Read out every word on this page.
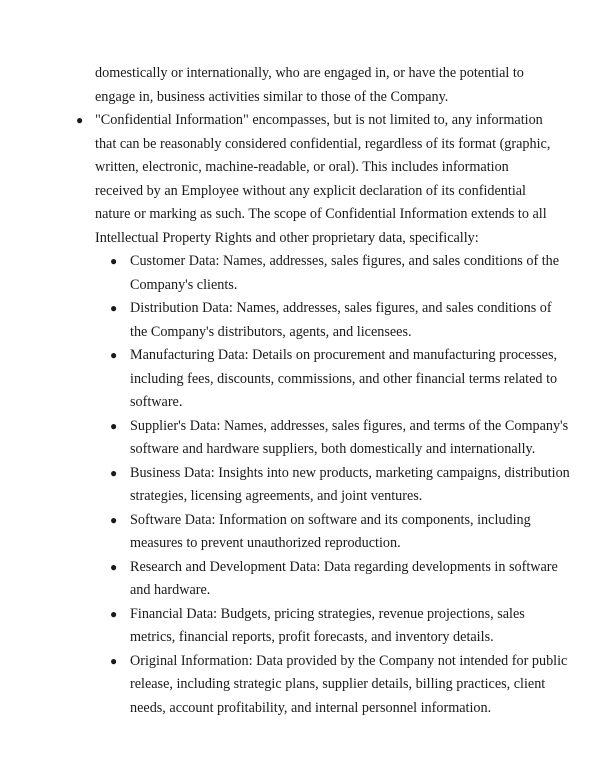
domestically or internationally, who are engaged in, or have the potential to engage in, business activities similar to those of the Company.

● "Confidential Information" encompasses, but is not limited to, any information that can be reasonably considered confidential, regardless of its format (graphic, written, electronic, machine-readable, or oral). This includes information received by an Employee without any explicit declaration of its confidential nature or marking as such. The scope of Confidential Information extends to all Intellectual Property Rights and other proprietary data, specifically:
● Customer Data: Names, addresses, sales figures, and sales conditions of the Company's clients.
● Distribution Data: Names, addresses, sales figures, and sales conditions of the Company's distributors, agents, and licensees.
● Manufacturing Data: Details on procurement and manufacturing processes, including fees, discounts, commissions, and other financial terms related to software.
● Supplier's Data: Names, addresses, sales figures, and terms of the Company's software and hardware suppliers, both domestically and internationally.
● Business Data: Insights into new products, marketing campaigns, distribution strategies, licensing agreements, and joint ventures.
● Software Data: Information on software and its components, including measures to prevent unauthorized reproduction.
● Research and Development Data: Data regarding developments in software and hardware.
● Financial Data: Budgets, pricing strategies, revenue projections, sales metrics, financial reports, profit forecasts, and inventory details.
● Original Information: Data provided by the Company not intended for public release, including strategic plans, supplier details, billing practices, client needs, account profitability, and internal personnel information.
